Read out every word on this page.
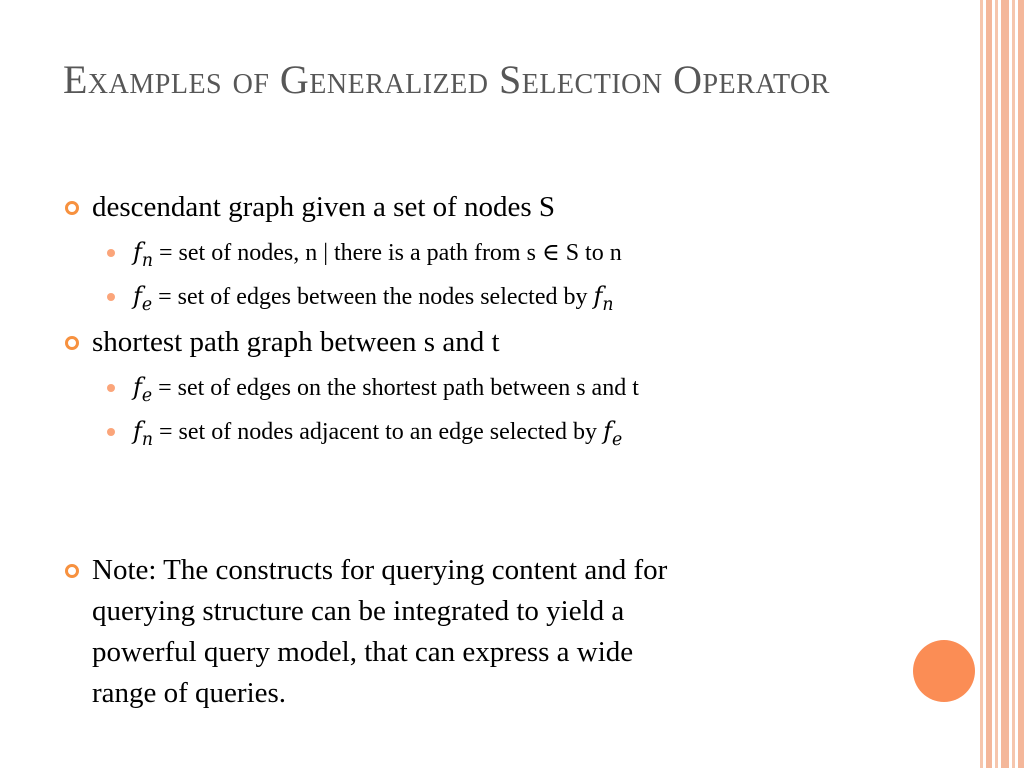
Examples of Generalized Selection Operator
descendant graph given a set of nodes S
$f_n$ = set of nodes, n | there is a path from s ∈ S to n
$f_e$ = set of edges between the nodes selected by $f_n$
shortest path graph between s and t
$f_e$ = set of edges on the shortest path between s and t
$f_n$ = set of nodes adjacent to an edge selected by $f_e$
Note: The constructs for querying content and for
querying structure can be integrated to yield a
powerful query model, that can express a wide
range of queries.
